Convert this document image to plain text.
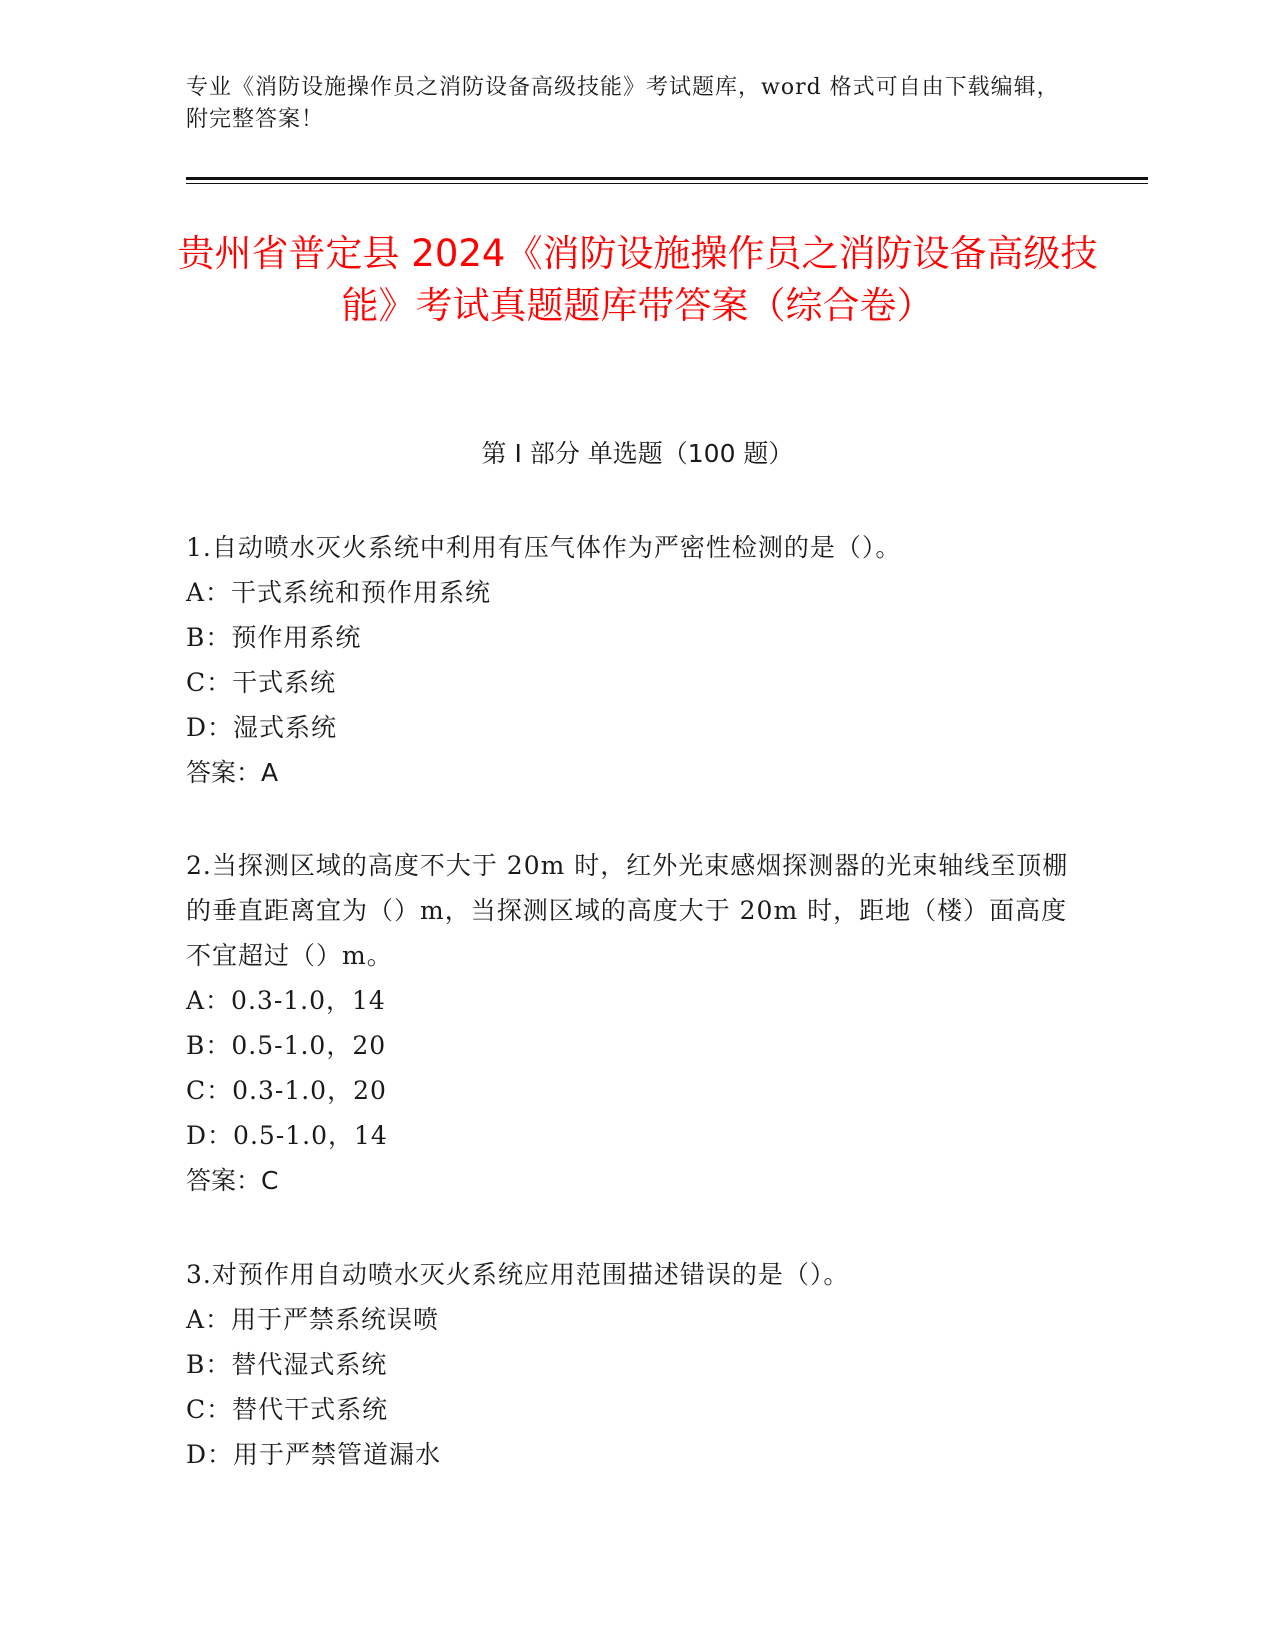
专业《消防设施操作员之消防设备高级技能》考试题库，word 格式可自由下载编辑，附完整答案！
贵州省普定县 2024《消防设施操作员之消防设备高级技能》考试真题题库带答案（综合卷）
第 I 部分 单选题（100 题）
1.自动喷水灭火系统中利用有压气体作为严密性检测的是（）。
A：干式系统和预作用系统
B：预作用系统
C：干式系统
D：湿式系统
答案：A
2.当探测区域的高度不大于 20m 时，红外光束感烟探测器的光束轴线至顶棚的垂直距离宜为（）m，当探测区域的高度大于 20m 时，距地（楼）面高度不宜超过（）m。
A：0.3-1.0，14
B：0.5-1.0，20
C：0.3-1.0，20
D：0.5-1.0，14
答案：C
3.对预作用自动喷水灭火系统应用范围描述错误的是（）。
A：用于严禁系统误喷
B：替代湿式系统
C：替代干式系统
D：用于严禁管道漏水
